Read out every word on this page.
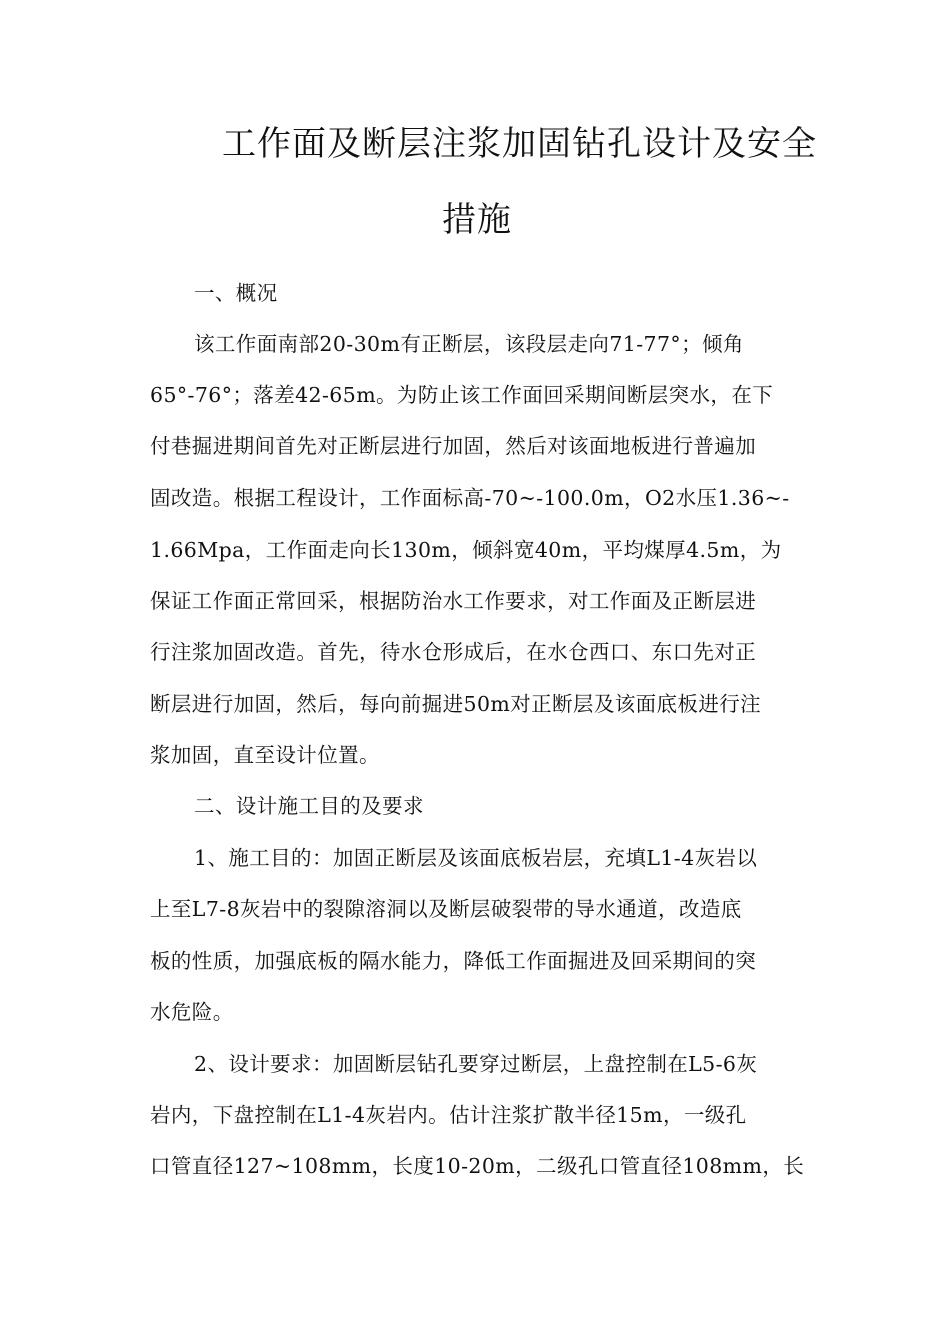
工作面及断层注浆加固钻孔设计及安全
措施
一、概况
该工作面南部20-30m有正断层，该段层走向71-77°；倾角
65°-76°；落差42-65m。为防止该工作面回采期间断层突水，在下
付巷掘进期间首先对正断层进行加固，然后对该面地板进行普遍加
固改造。根据工程设计，工作面标高-70~-100.0m，O2水压1.36~-
1.66Mpa，工作面走向长130m，倾斜宽40m，平均煤厚4.5m，为
保证工作面正常回采，根据防治水工作要求，对工作面及正断层进
行注浆加固改造。首先，待水仓形成后，在水仓西口、东口先对正
断层进行加固，然后，每向前掘进50m对正断层及该面底板进行注
浆加固，直至设计位置。
二、设计施工目的及要求
1、施工目的：加固正断层及该面底板岩层，充填L1-4灰岩以
上至L7-8灰岩中的裂隙溶洞以及断层破裂带的导水通道，改造底
板的性质，加强底板的隔水能力，降低工作面掘进及回采期间的突
水危险。
2、设计要求：加固断层钻孔要穿过断层，上盘控制在L5-6灰
岩内，下盘控制在L1-4灰岩内。估计注浆扩散半径15m，一级孔
口管直径127~108mm，长度10-20m，二级孔口管直径108mm，长
